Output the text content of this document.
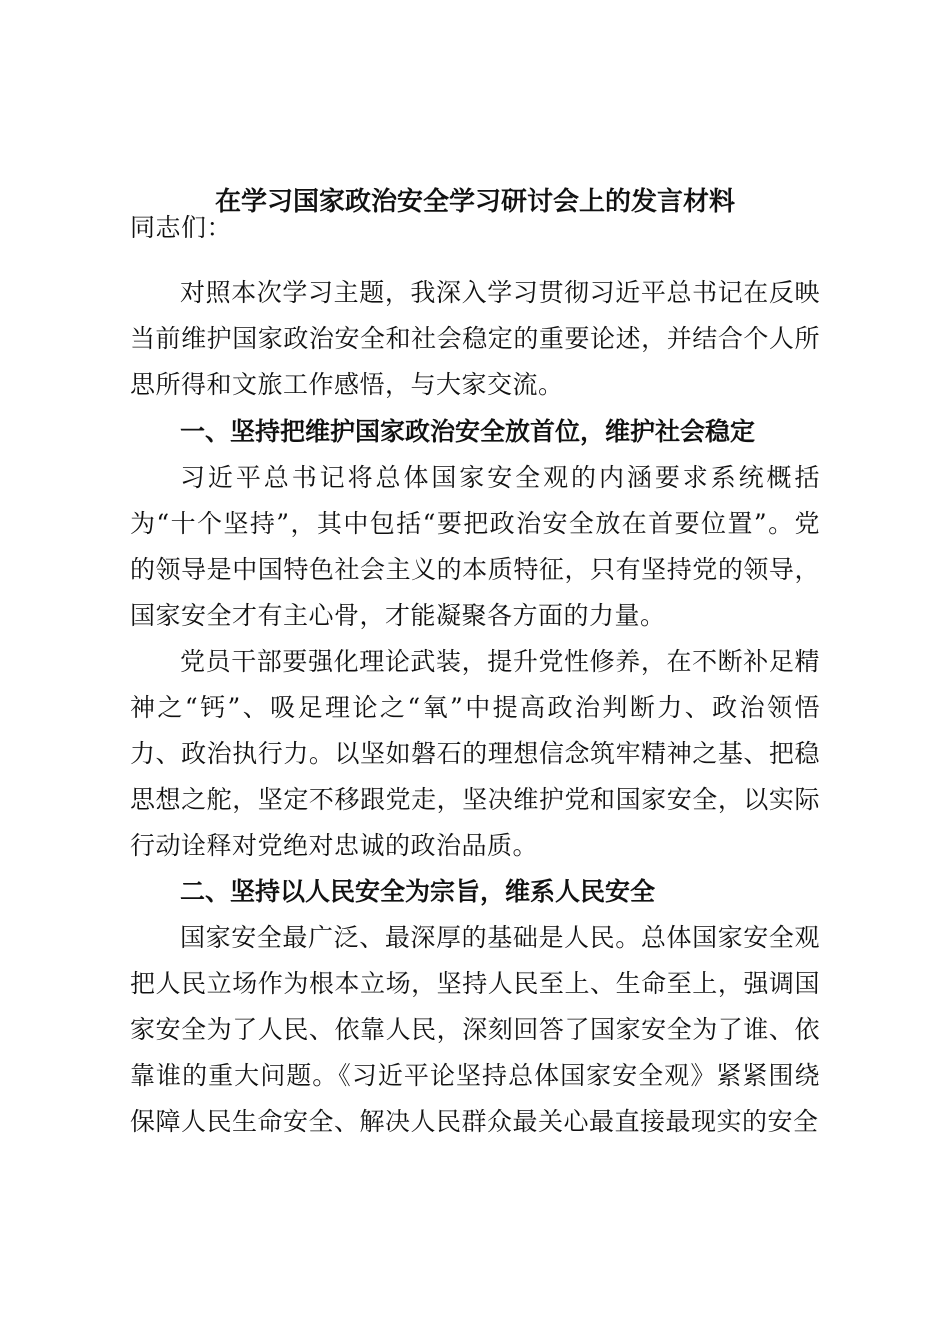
在学习国家政治安全学习研讨会上的发言材料

同志们：

对照本次学习主题，我深入学习贯彻习近平总书记在反映当前维护国家政治安全和社会稳定的重要论述，并结合个人所思所得和文旅工作感悟，与大家交流。

一、坚持把维护国家政治安全放首位，维护社会稳定

习近平总书记将总体国家安全观的内涵要求系统概括为“十个坚持”，其中包括“要把政治安全放在首要位置”。党的领导是中国特色社会主义的本质特征，只有坚持党的领导，国家安全才有主心骨，才能凝聚各方面的力量。

党员干部要强化理论武装，提升党性修养，在不断补足精神之“钙”、吸足理论之“氧”中提高政治判断力、政治领悟力、政治执行力。以坚如磐石的理想信念筑牢精神之基、把稳思想之舵，坚定不移跟党走，坚决维护党和国家安全，以实际行动诠释对党绝对忠诚的政治品质。

二、坚持以人民安全为宗旨，维系人民安全

国家安全最广泛、最深厚的基础是人民。总体国家安全观把人民立场作为根本立场，坚持人民至上、生命至上，强调国家安全为了人民、依靠人民，深刻回答了国家安全为了谁、依靠谁的重大问题。《习近平论坚持总体国家安全观》紧紧围绕保障人民生命安全、解决人民群众最关心最直接最现实的安全
